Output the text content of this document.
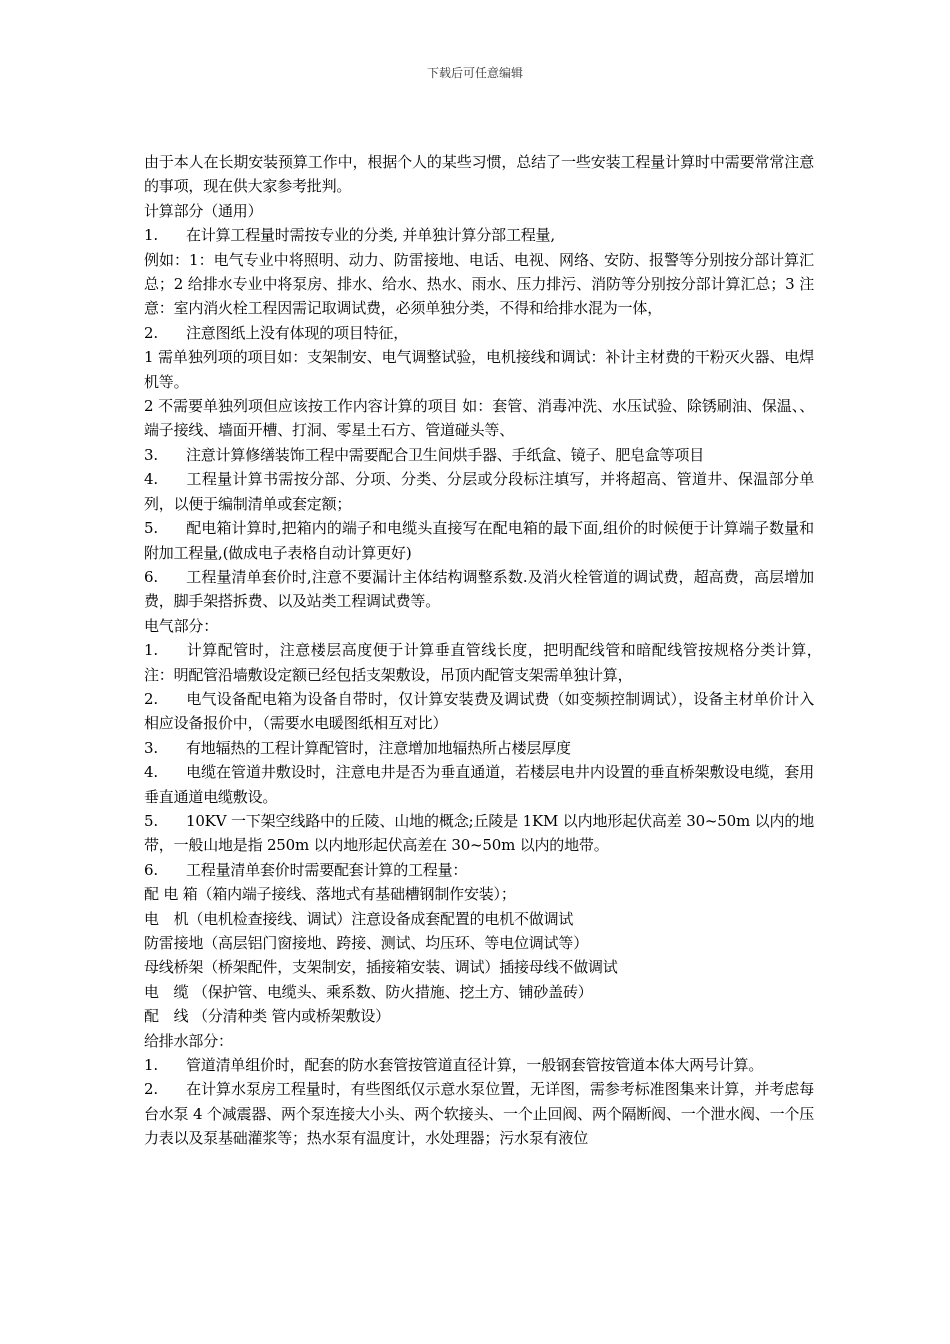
下载后可任意编辑

由于本人在长期安装预算工作中，根据个人的某些习惯，总结了一些安装工程量计算时中需要常常注意的事项，现在供大家参考批判。

计算部分（通用）

1. 在计算工程量时需按专业的分类, 并单独计算分部工程量,

例如：1：电气专业中将照明、动力、防雷接地、电话、电视、网络、安防、报警等分别按分部计算汇总；2 给排水专业中将泵房、排水、给水、热水、雨水、压力排污、消防等分别按分部计算汇总；3 注意：室内消火栓工程因需记取调试费，必须单独分类，不得和给排水混为一体，

2. 注意图纸上没有体现的项目特征，

1 需单独列项的项目如：支架制安、电气调整试验，电机接线和调试：补计主材费的干粉灭火器、电焊机等。

2 不需要单独列项但应该按工作内容计算的项目 如：套管、消毒冲洗、水压试验、除锈刷油、保温、、端子接线、墙面开槽、打洞、零星土石方、管道碰头等、

3. 注意计算修缮装饰工程中需要配合卫生间烘手器、手纸盒、镜子、肥皂盒等项目

4. 工程量计算书需按分部、分项、分类、分层或分段标注填写，并将超高、管道井、保温部分单列，以便于编制清单或套定额；

5. 配电箱计算时,把箱内的端子和电缆头直接写在配电箱的最下面,组价的时候便于计算端子数量和附加工程量,(做成电子表格自动计算更好)

6. 工程量清单套价时,注意不要漏计主体结构调整系数.及消火栓管道的调试费，超高费，高层增加费，脚手架搭拆费、以及站类工程调试费等。

电气部分：

1. 计算配管时，注意楼层高度便于计算垂直管线长度，把明配线管和暗配线管按规格分类计算，　注：明配管沿墙敷设定额已经包括支架敷设，吊顶内配管支架需单独计算，

2. 电气设备配电箱为设备自带时，仅计算安装费及调试费（如变频控制调试），设备主材单价计入相应设备报价中，（需要水电暖图纸相互对比）

3. 有地辐热的工程计算配管时，注意增加地辐热所占楼层厚度

4. 电缆在管道井敷设时，注意电井是否为垂直通道，若楼层电井内设置的垂直桥架敷设电缆，套用垂直通道电缆敷设。

5. 10KV 一下架空线路中的丘陵、山地的概念;丘陵是 1KM 以内地形起伏高差 30~50m 以内的地带，一般山地是指 250m 以内地形起伏高差在 30~50m 以内的地带。

6. 工程量清单套价时需要配套计算的工程量：

配 电 箱（箱内端子接线、落地式有基础槽钢制作安装）；

电　机（电机检查接线、调试）注意设备成套配置的电机不做调试

防雷接地（高层铝门窗接地、跨接、测试、均压环、等电位调试等）

母线桥架（桥架配件，支架制安，插接箱安装、调试）插接母线不做调试

电　缆 （保护管、电缆头、乘系数、防火措施、挖土方、铺砂盖砖）

配　线 （分清种类 管内或桥架敷设）

给排水部分：

1. 管道清单组价时，配套的防水套管按管道直径计算，一般钢套管按管道本体大两号计算。

2. 在计算水泵房工程量时，有些图纸仅示意水泵位置，无详图，需参考标准图集来计算，并考虑每台水泵 4 个减震器、两个泵连接大小头、两个软接头、一个止回阀、两个隔断阀、一个泄水阀、一个压力表以及泵基础灌浆等；热水泵有温度计，水处理器；污水泵有液位
